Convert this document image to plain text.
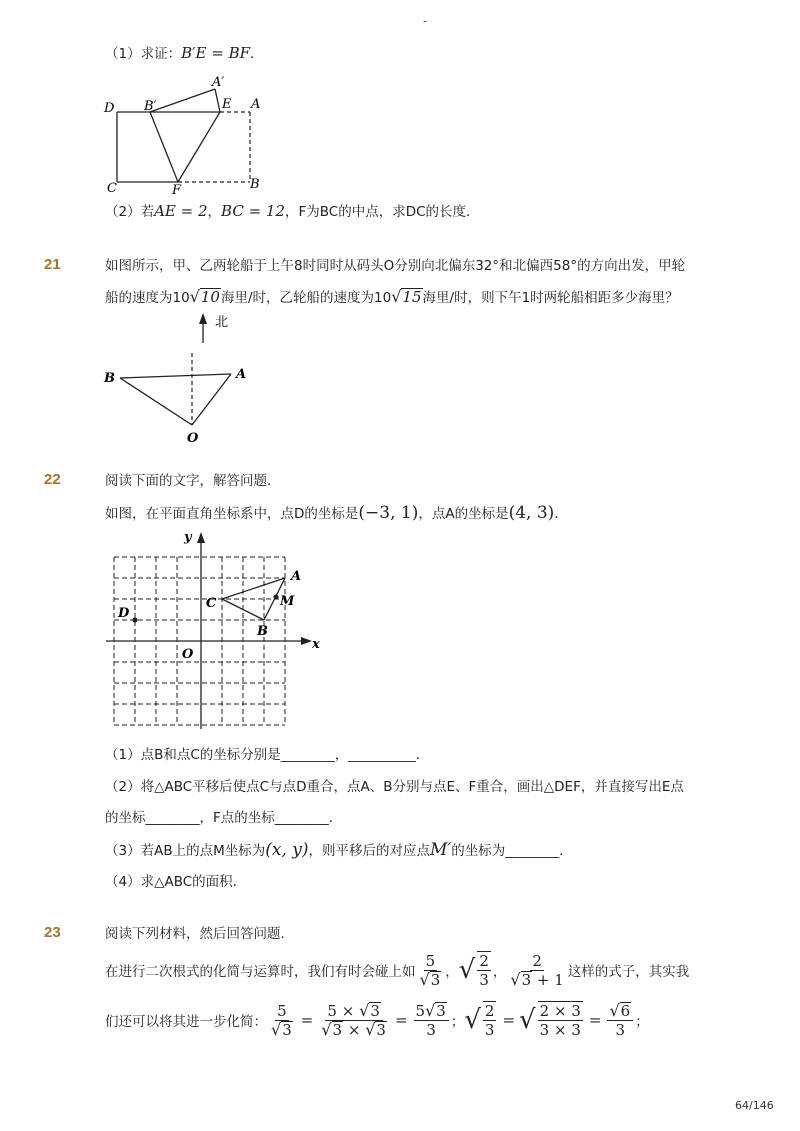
-
（1）求证：B′E = BF.
D B′
A′
E A
C	F	B
（2）若AE = 2，BC = 12，F为BC的中点，求DC的长度．
21	如图所示，甲、乙两轮船于上午8时同时从码头O分别向北偏东32°和北偏西58°的方向出发，甲轮
船的速度为10√10海里/时，乙轮船的速度为10√15海里/时，则下午1时两轮船相距多少海里？
北
B	A
O
22	阅读下面的文字，解答问题．
如图，在平面直角坐标系中，点D的坐标是(−3, 1)，点A的坐标是(4, 3)．
y
x
A
C	M
D
B
O
（1）点B和点C的坐标分别是________，__________．
（2）将△ABC平移后使点C与点D重合，点A、B分别与点E、F重合，画出△DEF，并直接写出E点
的坐标________，F点的坐标________．
（3）若AB上的点M坐标为(x, y)，则平移后的对应点M′的坐标为________．
（4）求△ABC的面积．
23	阅读下列材料，然后回答问题．
在进行二次根式的化简与运算时，我们有时会碰上如 $\frac{5}{√3}$ ， √ $\frac{2}{3}$ ， $\frac{2}{√3 + 1}$ 这样的式子，其实我
们还可以将其进一步化简： $\frac{5}{√3} = \frac{5 \times √3}{√3 \times √3} = \frac{5√3}{3}$ ； √ $\frac{2}{3}$ = √ $\frac{2 \times 3}{3 \times 3} = \frac{√6}{3}$ ；
64/146
